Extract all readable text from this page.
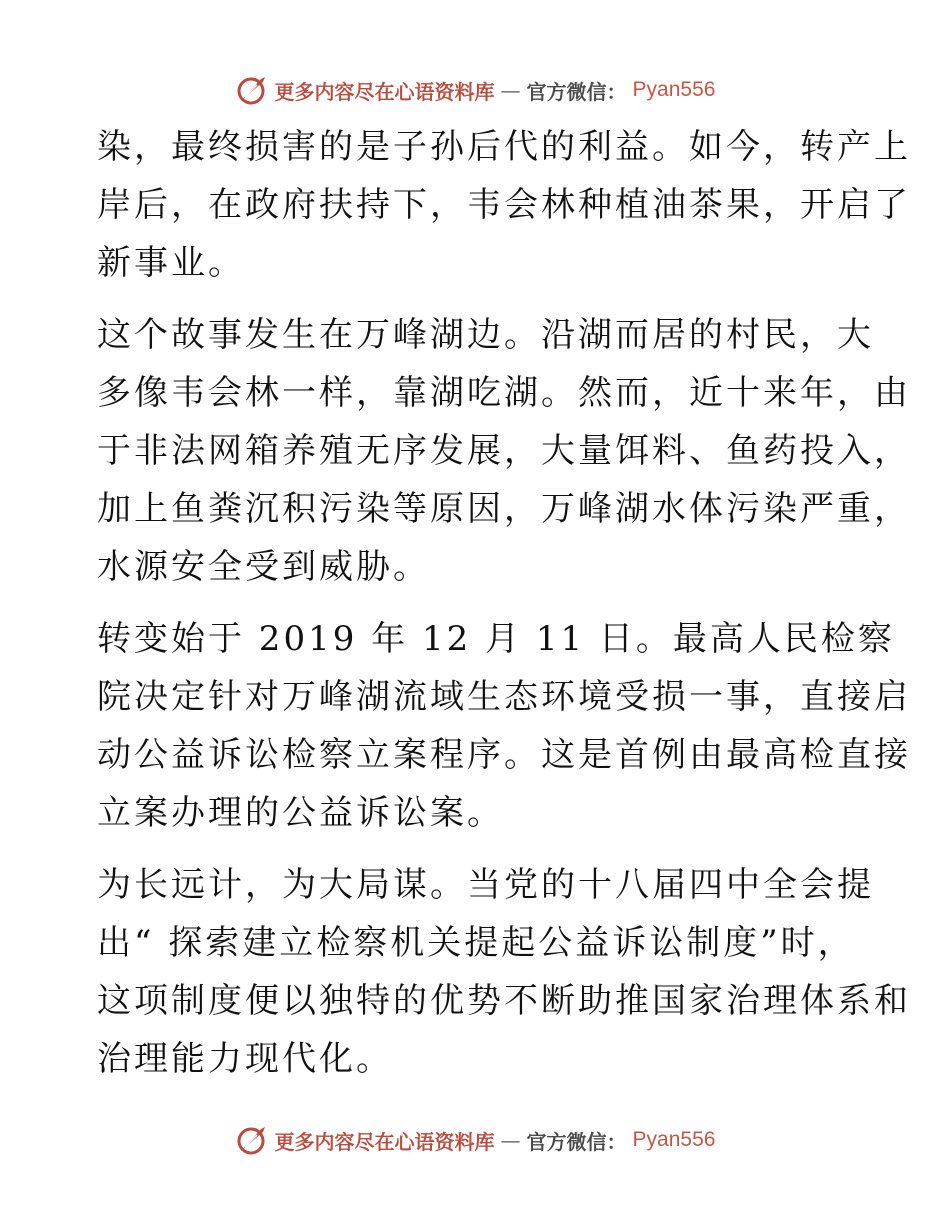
更多内容尽在心语资料库 — 官方微信： Pyan556

染，最终损害的是子孙后代的利益。如今，转产上
岸后，在政府扶持下，韦会林种植油茶果，开启了
新事业。

这个故事发生在万峰湖边。沿湖而居的村民，大
多像韦会林一样，靠湖吃湖。然而，近十来年，由
于非法网箱养殖无序发展，大量饵料、鱼药投入，
加上鱼粪沉积污染等原因，万峰湖水体污染严重，
水源安全受到威胁。

转变始于 2019 年 12 月 11 日。最高人民检察
院决定针对万峰湖流域生态环境受损一事，直接启
动公益诉讼检察立案程序。这是首例由最高检直接
立案办理的公益诉讼案。

为长远计，为大局谋。当党的十八届四中全会提
出“ 探索建立检察机关提起公益诉讼制度”时，
这项制度便以独特的优势不断助推国家治理体系和
治理能力现代化。

更多内容尽在心语资料库 — 官方微信： Pyan556
